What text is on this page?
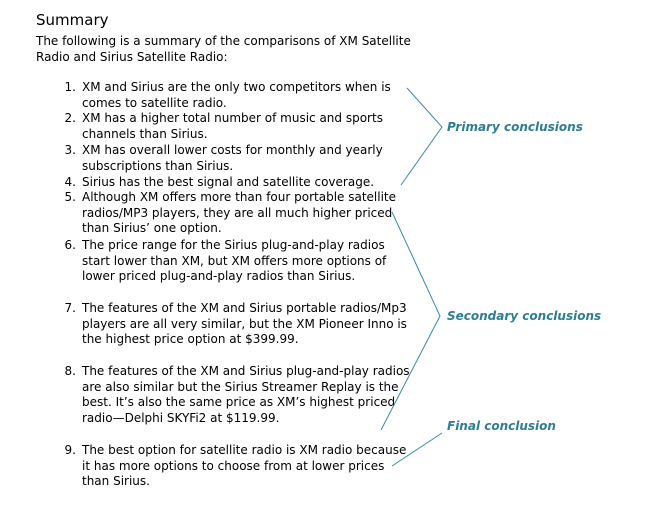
Summary

The following is a summary of the comparisons of XM Satellite Radio and Sirius Satellite Radio:

1. XM and Sirius are the only two competitors when is comes to satellite radio.
2. XM has a higher total number of music and sports channels than Sirius.
3. XM has overall lower costs for monthly and yearly subscriptions than Sirius.
4. Sirius has the best signal and satellite coverage.
5. Although XM offers more than four portable satellite radios/MP3 players, they are all much higher priced than Sirius’ one option.
6. The price range for the Sirius plug-and-play radios start lower than XM, but XM offers more options of lower priced plug-and-play radios than Sirius.
7. The features of the XM and Sirius portable radios/Mp3 players are all very similar, but the XM Pioneer Inno is the highest price option at $399.99.
8. The features of the XM and Sirius plug-and-play radios are also similar but the Sirius Streamer Replay is the best. It’s also the same price as XM’s highest priced radio—Delphi SKYFi2 at $119.99.
9. The best option for satellite radio is XM radio because it has more options to choose from at lower prices than Sirius.
Primary conclusions
Secondary conclusions
Final conclusion
